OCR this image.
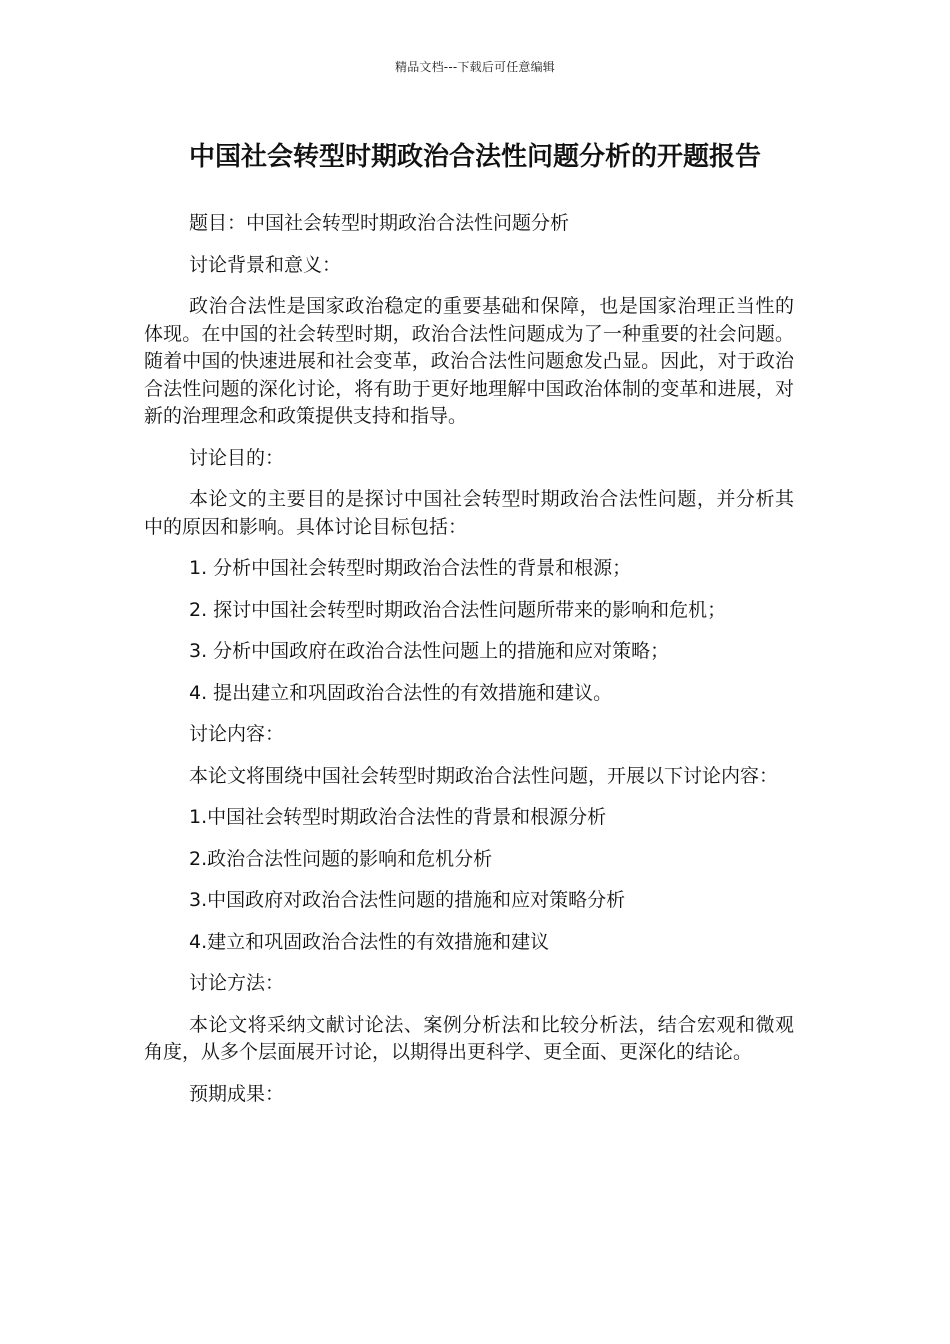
精品文档---下载后可任意编辑
中国社会转型时期政治合法性问题分析的开题报告

题目：中国社会转型时期政治合法性问题分析

讨论背景和意义：

政治合法性是国家政治稳定的重要基础和保障，也是国家治理正当性的体现。在中国的社会转型时期，政治合法性问题成为了一种重要的社会问题。随着中国的快速进展和社会变革，政治合法性问题愈发凸显。因此，对于政治合法性问题的深化讨论，将有助于更好地理解中国政治体制的变革和进展，对新的治理理念和政策提供支持和指导。

讨论目的：

本论文的主要目的是探讨中国社会转型时期政治合法性问题，并分析其中的原因和影响。具体讨论目标包括：

1. 分析中国社会转型时期政治合法性的背景和根源；

2. 探讨中国社会转型时期政治合法性问题所带来的影响和危机；

3. 分析中国政府在政治合法性问题上的措施和应对策略；

4. 提出建立和巩固政治合法性的有效措施和建议。

讨论内容：

本论文将围绕中国社会转型时期政治合法性问题，开展以下讨论内容：

1.中国社会转型时期政治合法性的背景和根源分析

2.政治合法性问题的影响和危机分析

3.中国政府对政治合法性问题的措施和应对策略分析

4.建立和巩固政治合法性的有效措施和建议

讨论方法：

本论文将采纳文献讨论法、案例分析法和比较分析法，结合宏观和微观角度，从多个层面展开讨论，以期得出更科学、更全面、更深化的结论。

预期成果：
